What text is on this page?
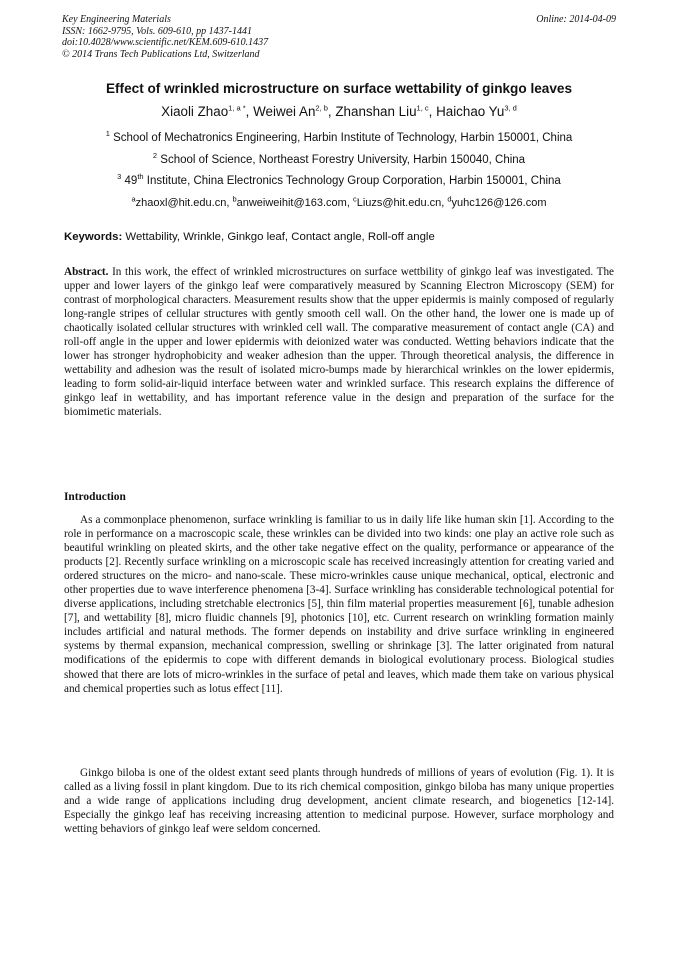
Key Engineering Materials
ISSN: 1662-9795, Vols. 609-610, pp 1437-1441
doi:10.4028/www.scientific.net/KEM.609-610.1437
© 2014 Trans Tech Publications Ltd, Switzerland
Online: 2014-04-09
Effect of wrinkled microstructure on surface wettability of ginkgo leaves
Xiaoli Zhao$^{1, a *}$, Weiwei An$^{2, b}$, Zhanshan Liu$^{1, c}$, Haichao Yu$^{3, d}$
$^1$ School of Mechatronics Engineering, Harbin Institute of Technology, Harbin 150001, China
$^2$ School of Science, Northeast Forestry University, Harbin 150040, China
$^3$ 49th Institute, China Electronics Technology Group Corporation, Harbin 150001, China
$^a$zhaoxl@hit.edu.cn, $^b$anweiweihit@163.com, $^c$Liuzs@hit.edu.cn, $^d$yuhc126@126.com
Keywords: Wettability, Wrinkle, Ginkgo leaf, Contact angle, Roll-off angle
Abstract. In this work, the effect of wrinkled microstructures on surface wettbility of ginkgo leaf was investigated. The upper and lower layers of the ginkgo leaf were comparatively measured by Scanning Electron Microscopy (SEM) for contrast of morphological characters. Measurement results show that the upper epidermis is mainly composed of regularly long-rangle stripes of cellular structures with gently smooth cell wall. On the other hand, the lower one is made up of chaotically isolated cellular structures with wrinkled cell wall. The comparative measurement of contact angle (CA) and roll-off angle in the upper and lower epidermis with deionized water was conducted. Wetting behaviors indicate that the lower has stronger hydrophobicity and weaker adhesion than the upper. Through theoretical analysis, the difference in wettability and adhesion was the result of isolated micro-bumps made by hierarchical wrinkles on the lower epidermis, leading to form solid-air-liquid interface between water and wrinkled surface. This research explains the difference of ginkgo leaf in wettability, and has important reference value in the design and preparation of the surface for the biomimetic materials.
Introduction
As a commonplace phenomenon, surface wrinkling is familiar to us in daily life like human skin [1]. According to the role in performance on a macroscopic scale, these wrinkles can be divided into two kinds: one play an active role such as beautiful wrinkling on pleated skirts, and the other take negative effect on the quality, performance or appearance of the products [2]. Recently surface wrinkling on a microscopic scale has received increasingly attention for creating varied and ordered structures on the micro- and nano-scale. These micro-wrinkles cause unique mechanical, optical, electronic and other properties due to wave interference phenomena [3-4]. Surface wrinkling has considerable technological potential for diverse applications, including stretchable electronics [5], thin film material properties measurement [6], tunable adhesion [7], and wettability [8], micro fluidic channels [9], photonics [10], etc. Current research on wrinkling formation mainly includes artificial and natural methods. The former depends on instability and drive surface wrinkling in engineered systems by thermal expansion, mechanical compression, swelling or shrinkage [3]. The latter originated from natural modifications of the epidermis to cope with different demands in biological evolutionary process. Biological studies showed that there are lots of micro-wrinkles in the surface of petal and leaves, which made them take on various physical and chemical properties such as lotus effect [11].
Ginkgo biloba is one of the oldest extant seed plants through hundreds of millions of years of evolution (Fig. 1). It is called as a living fossil in plant kingdom. Due to its rich chemical composition, ginkgo biloba has many unique properties and a wide range of applications including drug development, ancient climate research, and biogenetics [12-14]. Especially the ginkgo leaf has receiving increasing attention to medicinal purpose. However, surface morphology and wetting behaviors of ginkgo leaf were seldom concerned.
